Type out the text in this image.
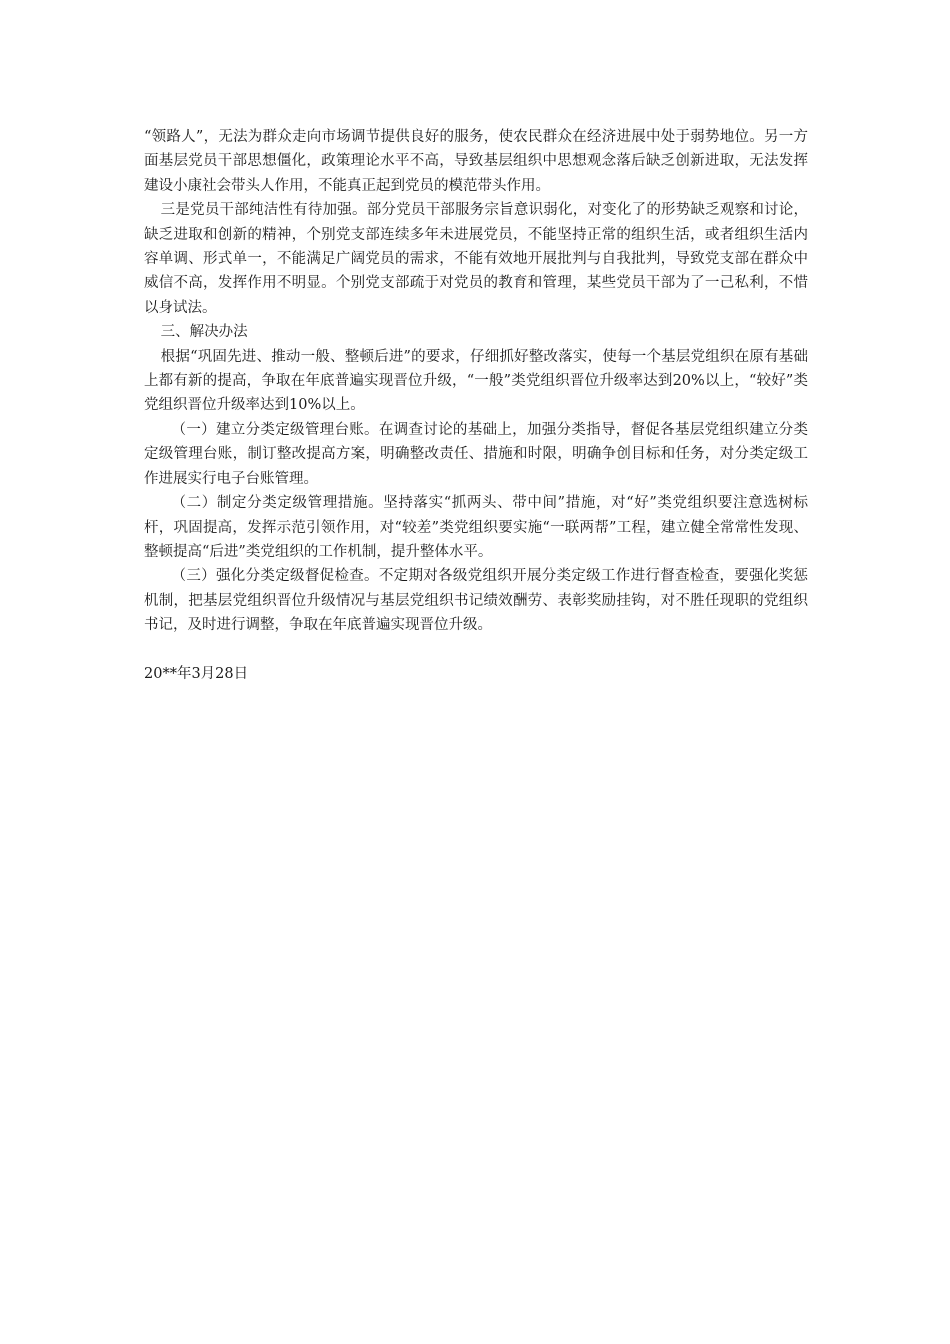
“领路人”，无法为群众走向市场调节提供良好的服务，使农民群众在经济进展中处于弱势地位。另一方面基层党员干部思想僵化，政策理论水平不高，导致基层组织中思想观念落后缺乏创新进取，无法发挥建设小康社会带头人作用，不能真正起到党员的模范带头作用。

三是党员干部纯洁性有待加强。部分党员干部服务宗旨意识弱化，对变化了的形势缺乏观察和讨论，缺乏进取和创新的精神，个别党支部连续多年未进展党员，不能坚持正常的组织生活，或者组织生活内容单调、形式单一，不能满足广阔党员的需求，不能有效地开展批判与自我批判，导致党支部在群众中威信不高，发挥作用不明显。个别党支部疏于对党员的教育和管理，某些党员干部为了一己私利，不惜以身试法。

三、解决办法

根据“巩固先进、推动一般、整顿后进”的要求，仔细抓好整改落实，使每一个基层党组织在原有基础上都有新的提高，争取在年底普遍实现晋位升级，“一般”类党组织晋位升级率达到20%以上，“较好”类党组织晋位升级率达到10%以上。

（一）建立分类定级管理台账。在调查讨论的基础上，加强分类指导，督促各基层党组织建立分类定级管理台账，制订整改提高方案，明确整改责任、措施和时限，明确争创目标和任务，对分类定级工作进展实行电子台账管理。

（二）制定分类定级管理措施。坚持落实“抓两头、带中间”措施，对“好”类党组织要注意选树标杆，巩固提高，发挥示范引领作用，对“较差”类党组织要实施“一联两帮”工程，建立健全常常性发现、整顿提高“后进”类党组织的工作机制，提升整体水平。

（三）强化分类定级督促检查。不定期对各级党组织开展分类定级工作进行督查检查，要强化奖惩机制，把基层党组织晋位升级情况与基层党组织书记绩效酬劳、表彰奖励挂钩，对不胜任现职的党组织书记，及时进行调整，争取在年底普遍实现晋位升级。

20**年3月28日
